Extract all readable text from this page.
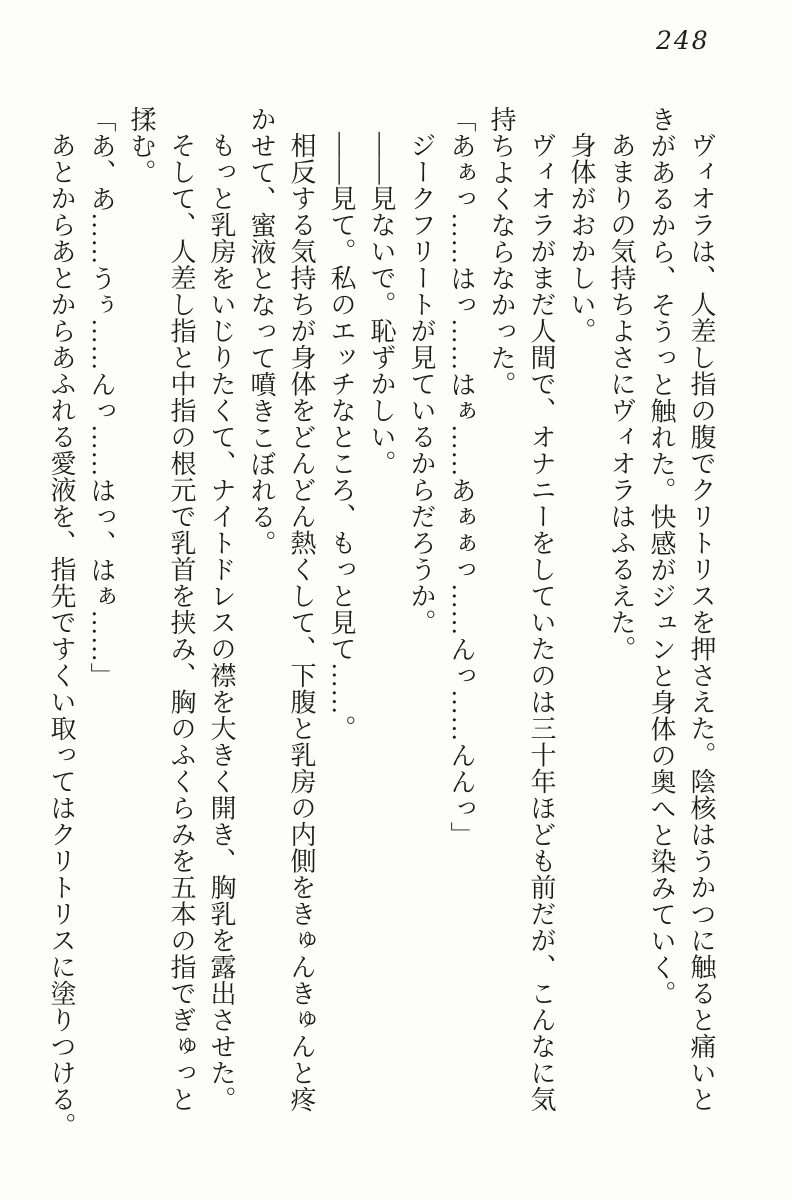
248
ヴィオラは、人差し指の腹でクリトリスを押さえた。陰核はうかつに触ると痛いと
きがあるから、そうっと触れた。快感がジュンと身体の奥へと染みていく。
あまりの気持ちよさにヴィオラはふるえた。
身体がおかしい。
ヴィオラがまだ人間で、オナニーをしていたのは三十年ほども前だが、こんなに気
持ちよくならなかった。
「あぁっ……はっ……はぁ……あぁぁっ……んっ……んんっ」
ジークフリートが見ているからだろうか。
――見ないで。恥ずかしい。
――見て。私のエッチなところ、もっと見て……。
相反する気持ちが身体をどんどん熱くして、下腹と乳房の内側をきゅんきゅんと疼
かせて、蜜液となって噴きこぼれる。
もっと乳房をいじりたくて、ナイトドレスの襟を大きく開き、胸乳を露出させた。
そして、人差し指と中指の根元で乳首を挟み、胸のふくらみを五本の指でぎゅっと
揉む。
「あ、あ……うぅ……んっ……はっ、はぁ……」
あとからあとからあふれる愛液を、指先ですくい取ってはクリトリスに塗りつける。
